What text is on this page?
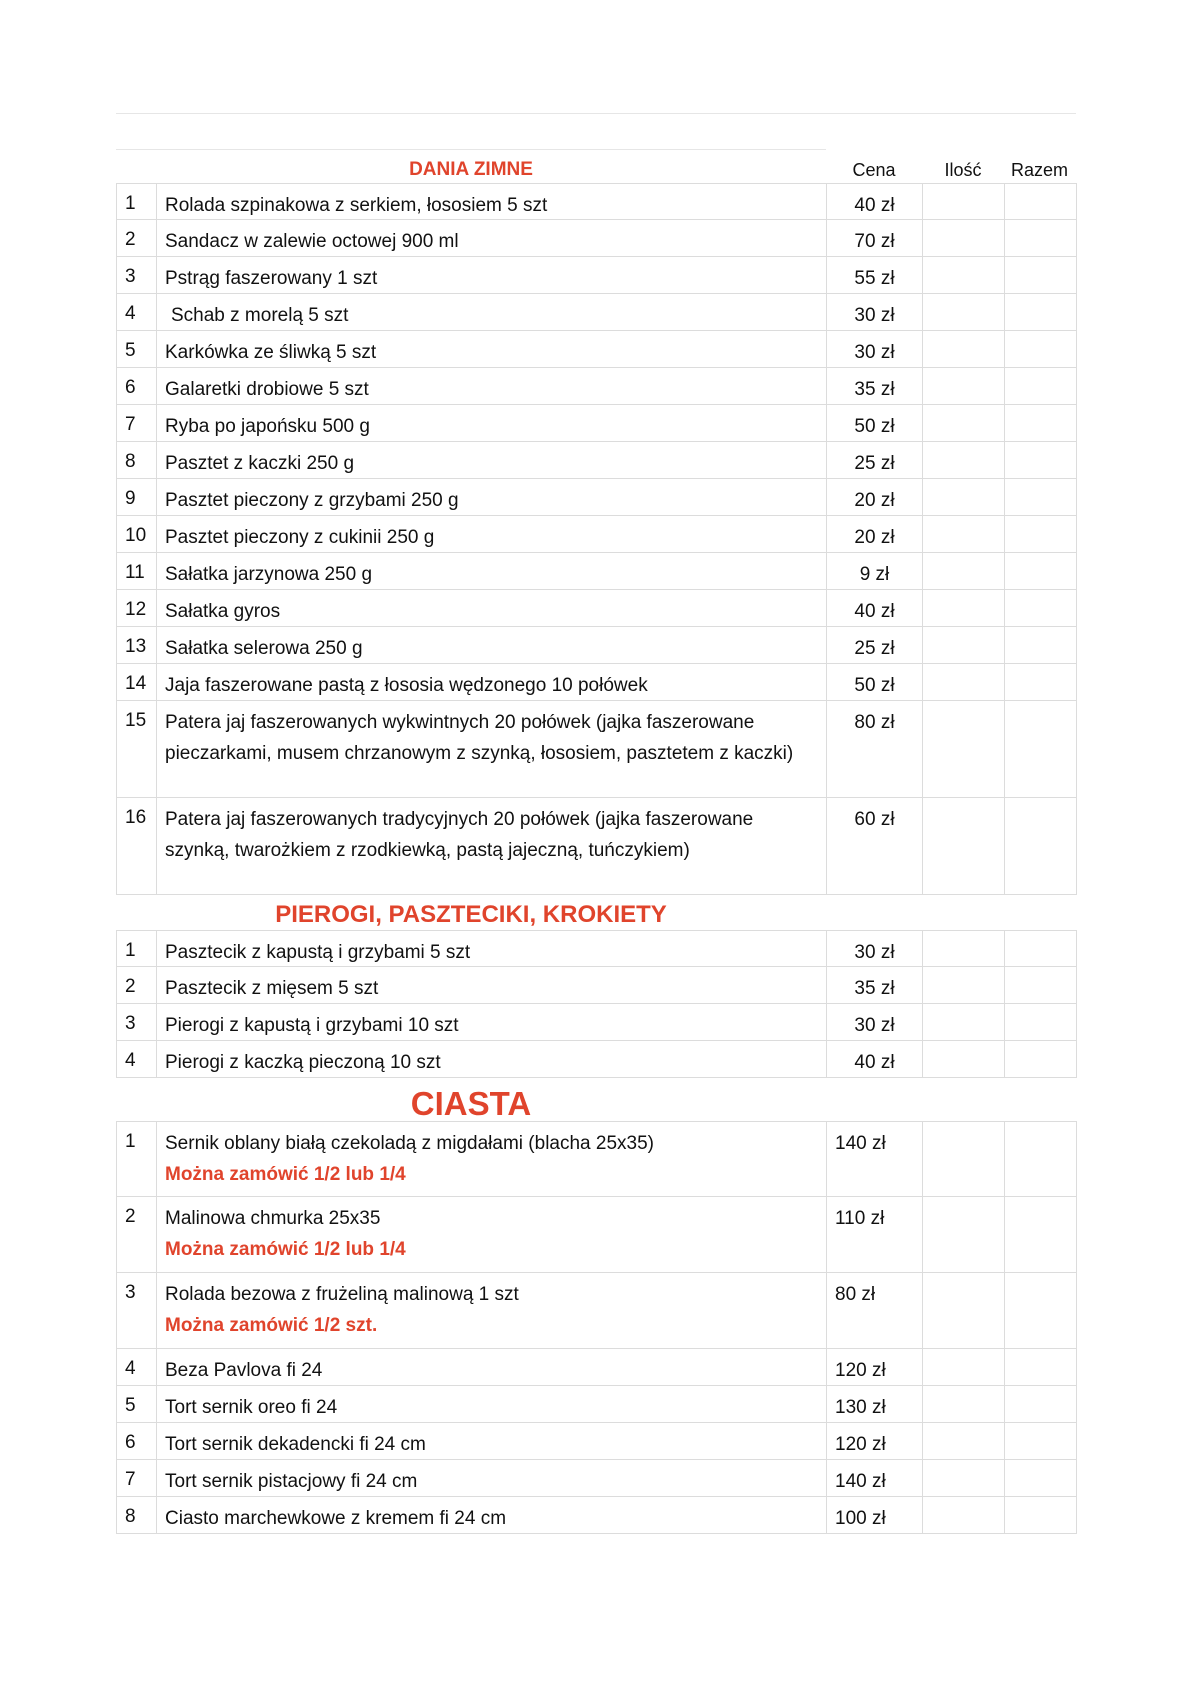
DANIA ZIMNE	Cena	Ilość	Razem
1	Rolada szpinakowa z serkiem, łososiem 5 szt	40 zł
2	Sandacz w zalewie octowej 900 ml	70 zł
3	Pstrąg faszerowany 1 szt	55 zł
4	Schab z morelą 5 szt	30 zł
5	Karkówka ze śliwką 5 szt	30 zł
6	Galaretki drobiowe 5 szt	35 zł
7	Ryba po japońsku 500 g	50 zł
8	Pasztet z kaczki 250 g	25 zł
9	Pasztet pieczony z grzybami 250 g	20 zł
10 Pasztet pieczony z cukinii 250 g	20 zł
11	Sałatka jarzynowa 250 g	9 zł
12 Sałatka gyros	40 zł
13 Sałatka selerowa 250 g	25 zł
14 Jaja faszerowane pastą z łososia wędzonego 10 połówek	50 zł
15 Patera jaj faszerowanych wykwintnych 20 połówek (jajka faszerowane pieczarkami, musem chrzanowym z szynką, łososiem, pasztetem z kaczki)
80 zł
16 Patera jaj faszerowanych tradycyjnych 20 połówek (jajka faszerowane szynką, twarożkiem z rzodkiewką, pastą jajeczną, tuńczykiem)
60 zł
PIEROGI, PASZTECIKI, KROKIETY
1	Pasztecik z kapustą i grzybami 5 szt	30 zł
2	Pasztecik z mięsem 5 szt	35 zł
3	Pierogi z kapustą i grzybami 10 szt	30 zł
4	Pierogi z kaczką pieczoną 10 szt	40 zł
CIASTA
1	Sernik oblany białą czekoladą z migdałami (blacha 25x35)
Można zamówić 1/2 lub 1/4
140 zł
2	Malinowa chmurka 25x35
Można zamówić 1/2 lub 1/4
110 zł
3	Rolada bezowa z frużeliną malinową 1 szt
Można zamówić 1/2 szt.
80 zł
4	Beza Pavlova fi 24	120 zł
5	Tort sernik oreo fi 24	130 zł
6	Tort sernik dekadencki fi 24 cm	120 zł
7	Tort sernik pistacjowy fi 24 cm	140 zł
8	Ciasto marchewkowe z kremem fi 24 cm	100 zł
